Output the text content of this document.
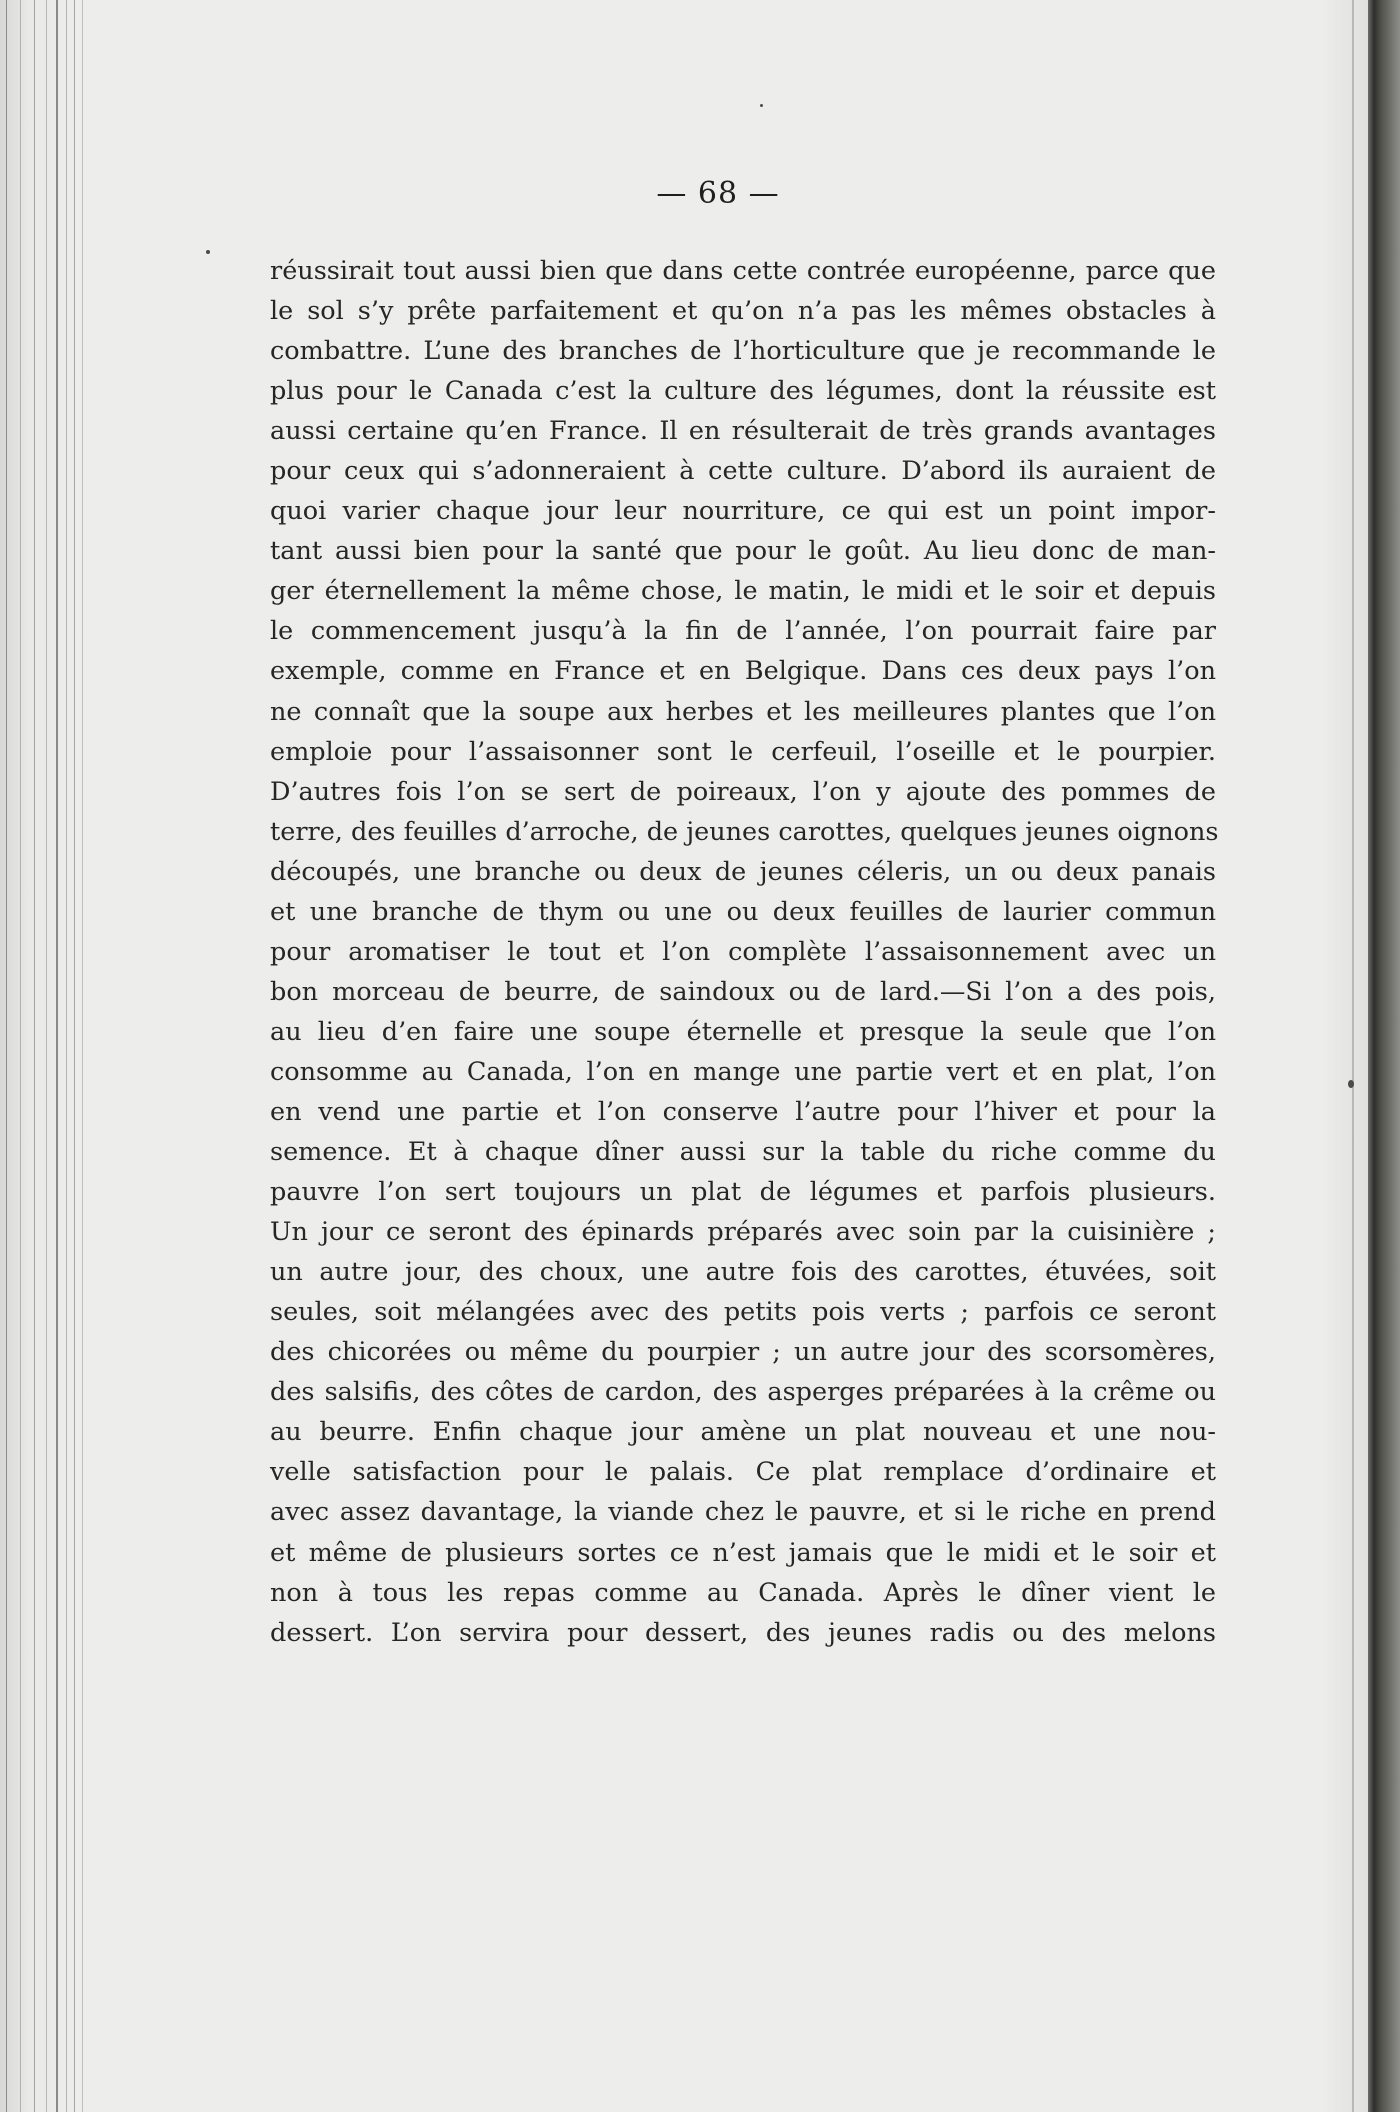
— 68 —
réussirait tout aussi bien que dans cette contrée européenne, parce que
le sol s’y prête parfaitement et qu’on n’a pas les mêmes obstacles à
combattre. L’une des branches de l’horticulture que je recommande le
plus pour le Canada c’est la culture des légumes, dont la réussite est
aussi certaine qu’en France. Il en résulterait de très grands avantages
pour ceux qui s’adonneraient à cette culture. D’abord ils auraient de
quoi varier chaque jour leur nourriture, ce qui est un point impor-
tant aussi bien pour la santé que pour le goût. Au lieu donc de man-
ger éternellement la même chose, le matin, le midi et le soir et depuis
le commencement jusqu’à la fin de l’année, l’on pourrait faire par
exemple, comme en France et en Belgique. Dans ces deux pays l’on
ne connaît que la soupe aux herbes et les meilleures plantes que l’on
emploie pour l’assaisonner sont le cerfeuil, l’oseille et le pourpier.
D’autres fois l’on se sert de poireaux, l’on y ajoute des pommes de
terre, des feuilles d’arroche, de jeunes carottes, quelques jeunes oignons
découpés, une branche ou deux de jeunes céleris, un ou deux panais
et une branche de thym ou une ou deux feuilles de laurier commun
pour aromatiser le tout et l’on complète l’assaisonnement avec un
bon morceau de beurre, de saindoux ou de lard.—Si l’on a des pois,
au lieu d’en faire une soupe éternelle et presque la seule que l’on
consomme au Canada, l’on en mange une partie vert et en plat, l’on
en vend une partie et l’on conserve l’autre pour l’hiver et pour la
semence. Et à chaque dîner aussi sur la table du riche comme du
pauvre l’on sert toujours un plat de légumes et parfois plusieurs.
Un jour ce seront des épinards préparés avec soin par la cuisinière ;
un autre jour, des choux, une autre fois des carottes, étuvées, soit
seules, soit mélangées avec des petits pois verts ; parfois ce seront
des chicorées ou même du pourpier ; un autre jour des scorsomères,
des salsifis, des côtes de cardon, des asperges préparées à la crême ou
au beurre. Enfin chaque jour amène un plat nouveau et une nou-
velle satisfaction pour le palais. Ce plat remplace d’ordinaire et
avec assez davantage, la viande chez le pauvre, et si le riche en prend
et même de plusieurs sortes ce n’est jamais que le midi et le soir et
non à tous les repas comme au Canada. Après le dîner vient le
dessert. L’on servira pour dessert, des jeunes radis ou des melons
